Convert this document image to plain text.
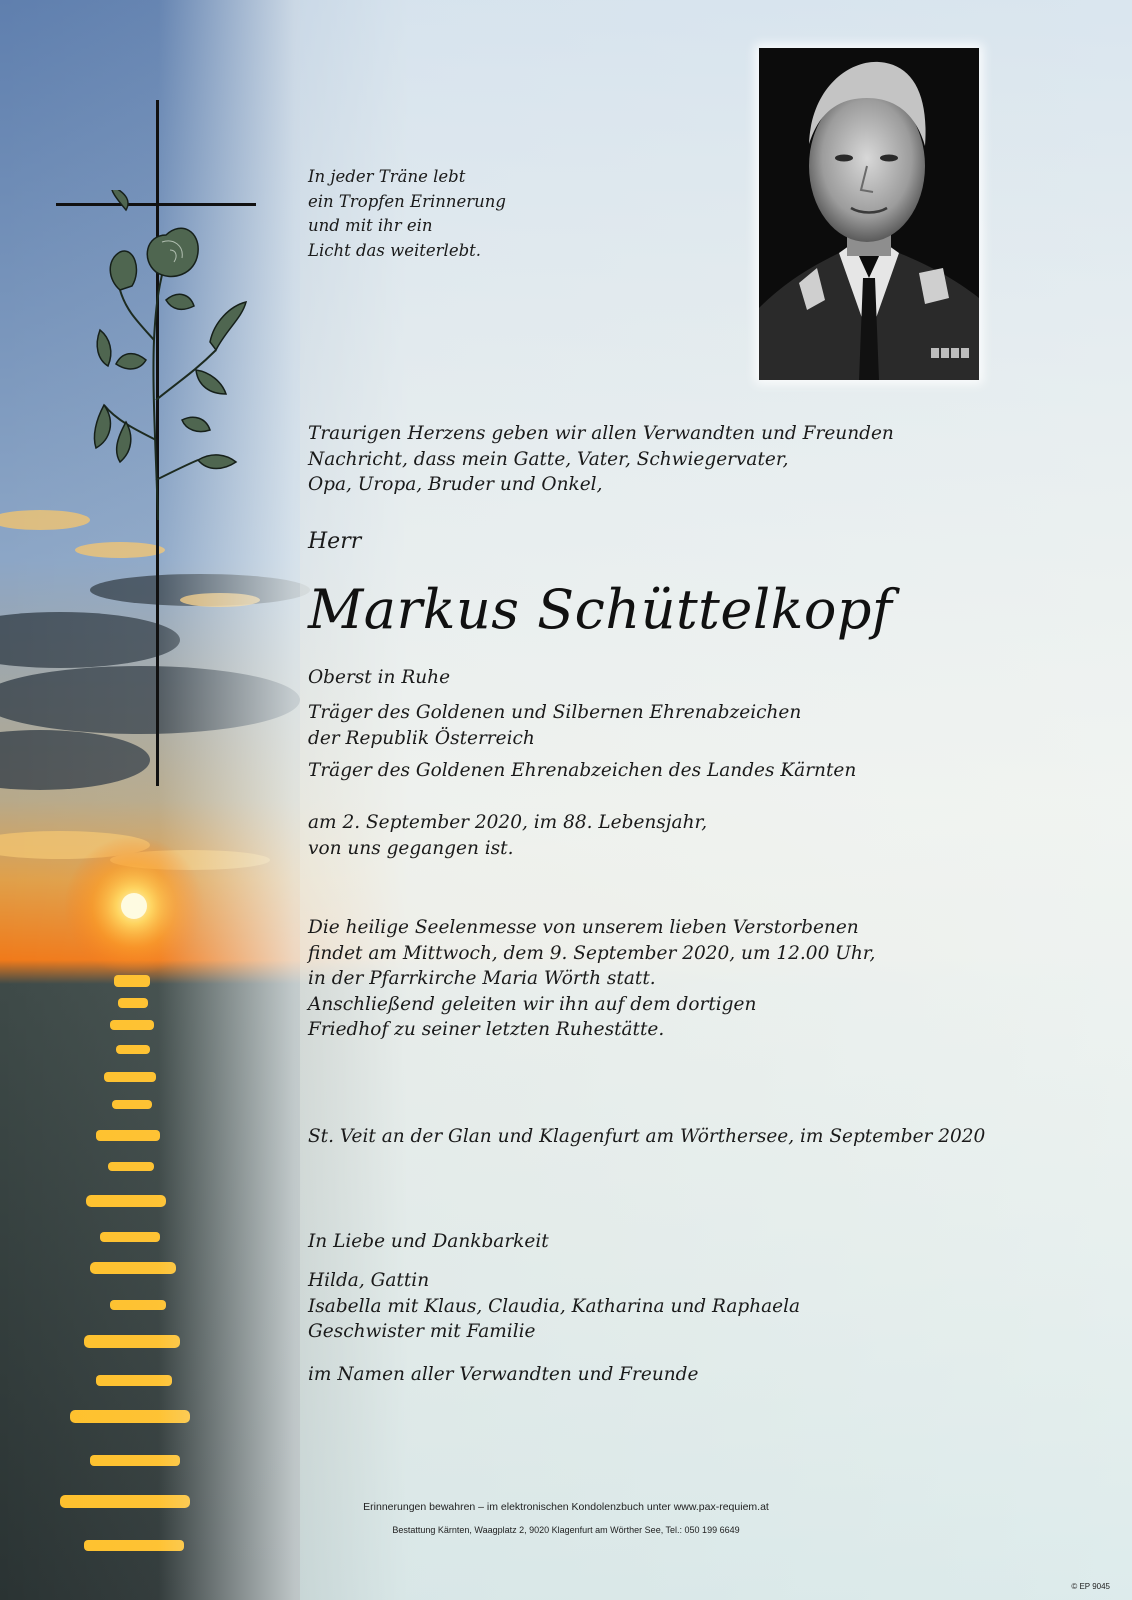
In jeder Träne lebt
ein Tropfen Erinnerung
und mit ihr ein
Licht das weiterlebt.

Traurigen Herzens geben wir allen Verwandten und Freunden
Nachricht, dass mein Gatte, Vater, Schwiegervater,
Opa, Uropa, Bruder und Onkel,

Herr

Markus Schüttelkopf

Oberst in Ruhe

Träger des Goldenen und Silbernen Ehrenabzeichen
der Republik Österreich

Träger des Goldenen Ehrenabzeichen des Landes Kärnten

am 2. September 2020, im 88. Lebensjahr,
von uns gegangen ist.

Die heilige Seelenmesse von unserem lieben Verstorbenen
findet am Mittwoch, dem 9. September 2020, um 12.00 Uhr,
in der Pfarrkirche Maria Wörth statt.
Anschließend geleiten wir ihn auf dem dortigen
Friedhof zu seiner letzten Ruhestätte.

St. Veit an der Glan und Klagenfurt am Wörthersee, im September 2020

In Liebe und Dankbarkeit

Hilda, Gattin
Isabella mit Klaus, Claudia, Katharina und Raphaela
Geschwister mit Familie

im Namen aller Verwandten und Freunde

Erinnerungen bewahren – im elektronischen Kondolenzbuch unter www.pax-requiem.at
Bestattung Kärnten, Waagplatz 2, 9020 Klagenfurt am Wörther See, Tel.: 050 199 6649
© EP 9045
